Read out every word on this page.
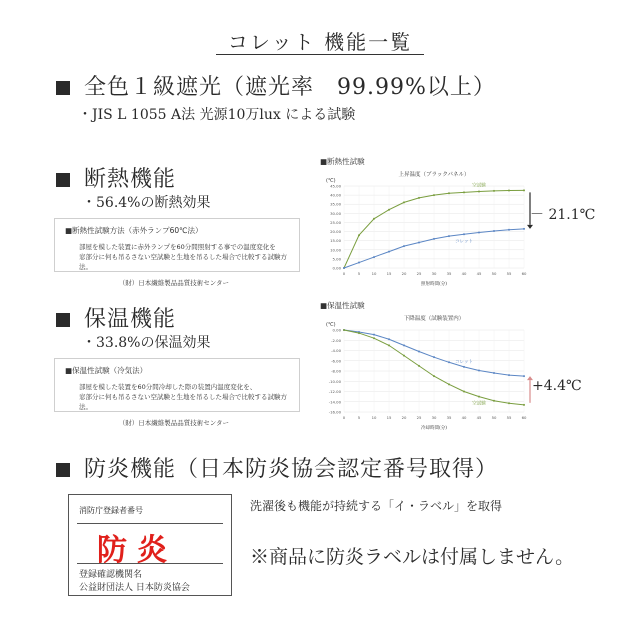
コレット 機能一覧
全色１級遮光（遮光率　99.99%以上）
・JIS L 1055 A法 光源10万lux による試験
断熱機能
・56.4%の断熱効果
■断熱性試験方法（赤外ランプ60℃法）
部屋を模した装置に赤外ランプを60分間照射する事での温度変化を
窓部分に何も吊るさない空試験と生地を吊るした場合で比較する試験方法。
（財）日本繊維製品品質技術センター
■断熱性試験
上昇温度（ブラックパネル）
(℃)
0.00
5.00
10.00
15.00
20.00
25.00
30.00
35.00
40.00
45.00
0	5	10	15	20	25	30	35	40	45	50	55	60
照射時間(分)
空試験
コレット
－ 21.1℃
保温機能
・33.8%の保温効果
■保温性試験（冷気法）
部屋を模した装置を60分間冷却した際の装置内温度変化を、
窓部分に何も吊るさない空試験と生地を吊るした場合で比較する試験方法。
（財）日本繊維製品品質技術センター
■保温性試験
下降温度（試験装置内）
(℃)
0.00
-2.00
-4.00
-6.00
-8.00
-10.00
-12.00
-14.00
-16.00
0	5	10	15	20	25	30	35	40	45	50	55	60
冷却時間(分)
コレット
空試験
+4.4℃
防炎機能（日本防炎協会認定番号取得）
消防庁登録者番号
防炎
登録確認機関名
公益財団法人 日本防炎協会
洗濯後も機能が持続する「イ・ラベル」を取得
※商品に防炎ラベルは付属しません。
